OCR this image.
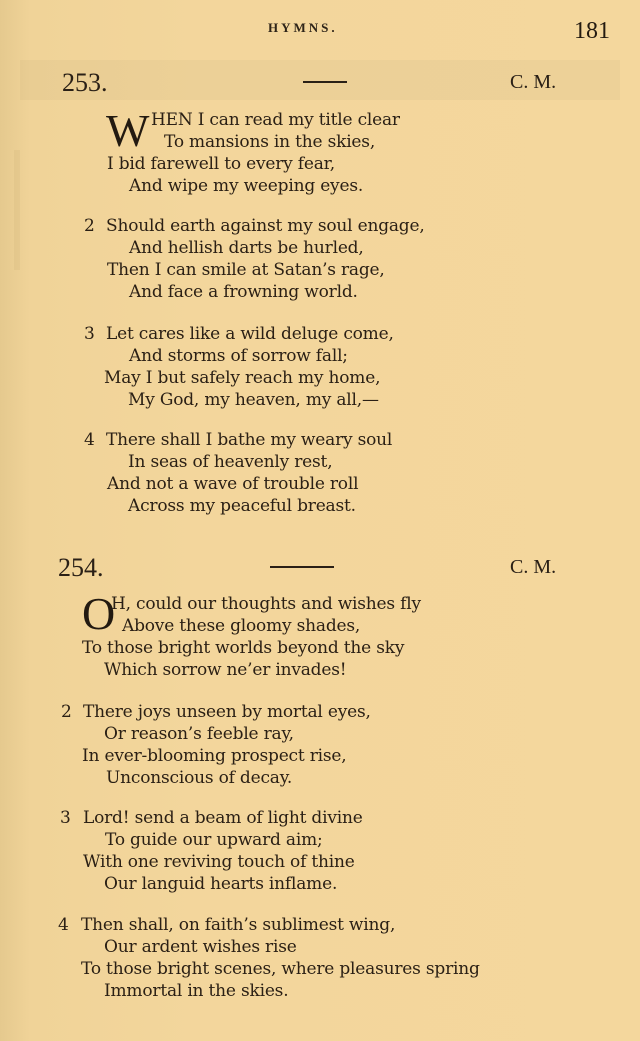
HYMNS.	181
253.	C. M.
W HEN I can read my title clear
To mansions in the skies,
I bid farewell to every fear,
And wipe my weeping eyes.
2 Should earth against my soul engage,
And hellish darts be hurled,
Then I can smile at Satan’s rage,
And face a frowning world.
3 Let cares like a wild deluge come,
And storms of sorrow fall;
May I but safely reach my home,
My God, my heaven, my all,—
4 There shall I bathe my weary soul
In seas of heavenly rest,
And not a wave of trouble roll
Across my peaceful breast.
254.	C. M.
O
H, could our thoughts and wishes fly
Above these gloomy shades,
To those bright worlds beyond the sky
Which sorrow ne’er invades!
2 There joys unseen by mortal eyes,
Or reason’s feeble ray,
In ever-blooming prospect rise,
Unconscious of decay.
3 Lord! send a beam of light divine
To guide our upward aim;
With one reviving touch of thine
Our languid hearts inflame.
4 Then shall, on faith’s sublimest wing,
Our ardent wishes rise
To those bright scenes, where pleasures spring
Immortal in the skies.
